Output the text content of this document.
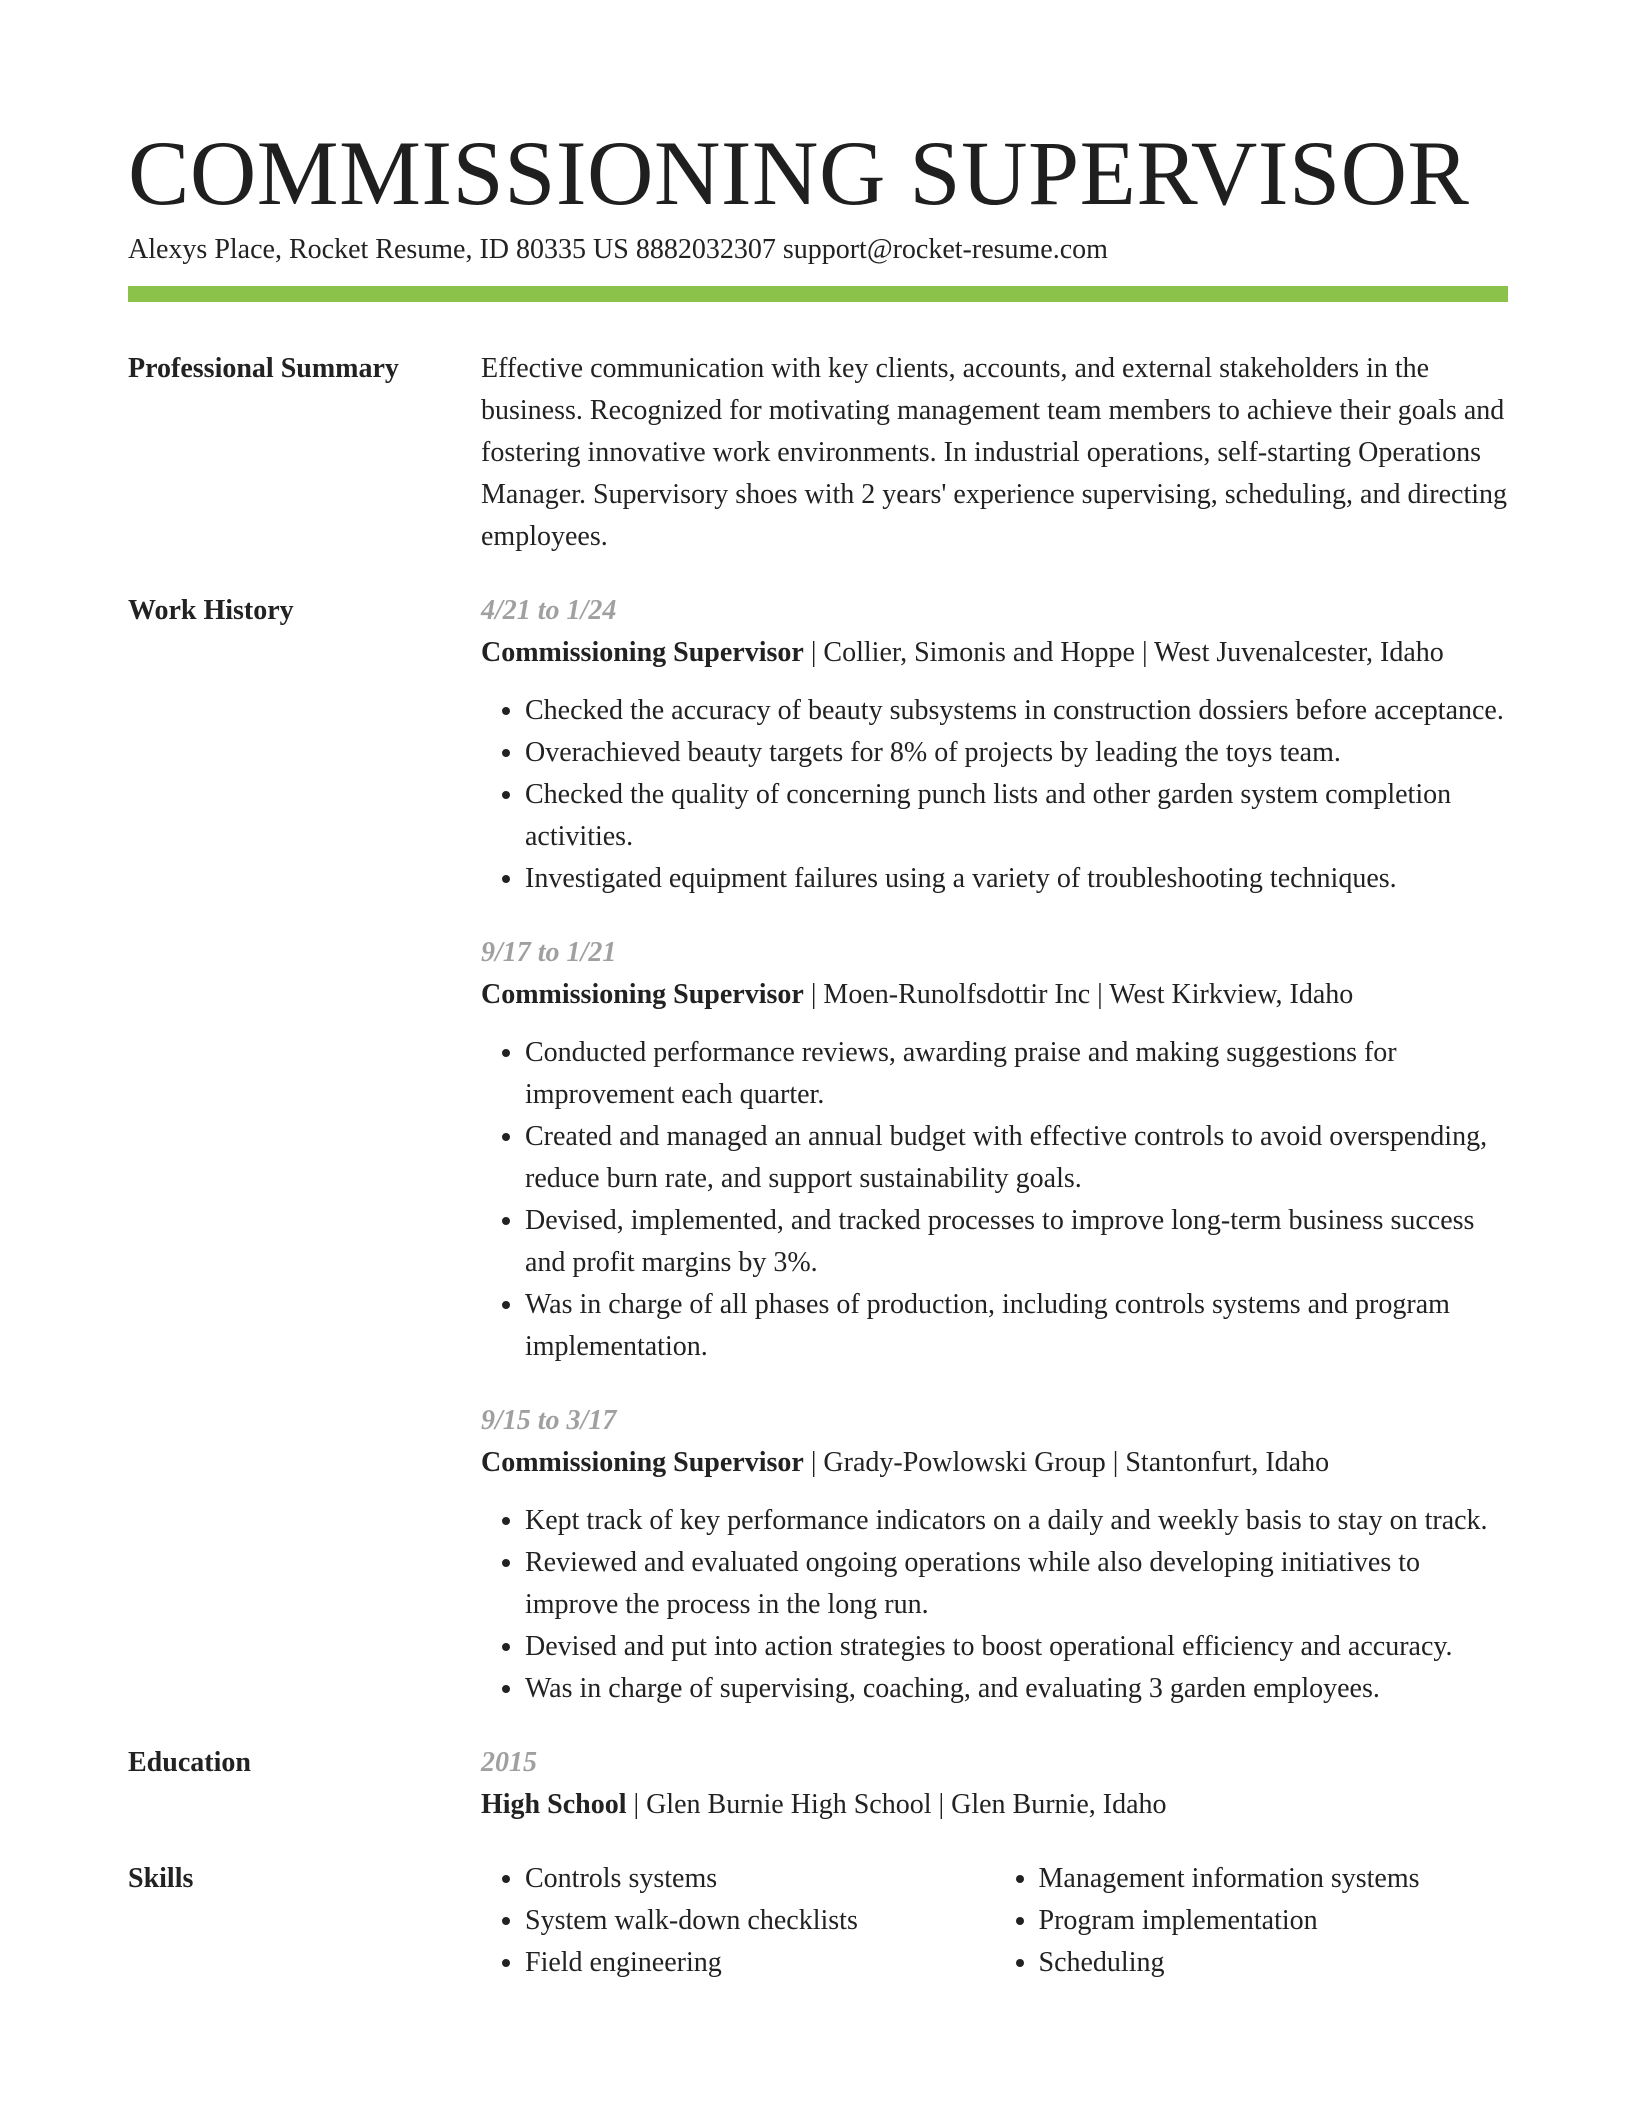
COMMISSIONING SUPERVISOR
Alexys Place, Rocket Resume, ID 80335 US 8882032307 support@rocket-resume.com
Professional Summary	Effective communication with key clients, accounts, and external stakeholders in the business. Recognized for motivating management team members to achieve their goals and fostering innovative work environments. In industrial operations, self-starting Operations Manager. Supervisory shoes with 2 years' experience supervising, scheduling, and directing employees.

Work History	4/21 to 1/24
Commissioning Supervisor | Collier, Simonis and Hoppe | West Juvenalcester, Idaho
• Checked the accuracy of beauty subsystems in construction dossiers before acceptance.
• Overachieved beauty targets for 8% of projects by leading the toys team.
• Checked the quality of concerning punch lists and other garden system completion activities.
• Investigated equipment failures using a variety of troubleshooting techniques.
9/17 to 1/21
Commissioning Supervisor | Moen-Runolfsdottir Inc | West Kirkview, Idaho
• Conducted performance reviews, awarding praise and making suggestions for improvement each quarter.
• Created and managed an annual budget with effective controls to avoid overspending, reduce burn rate, and support sustainability goals.
• Devised, implemented, and tracked processes to improve long-term business success and profit margins by 3%.
• Was in charge of all phases of production, including controls systems and program implementation.
9/15 to 3/17
Commissioning Supervisor | Grady-Powlowski Group | Stantonfurt, Idaho
• Kept track of key performance indicators on a daily and weekly basis to stay on track.
• Reviewed and evaluated ongoing operations while also developing initiatives to improve the process in the long run.
• Devised and put into action strategies to boost operational efficiency and accuracy.
• Was in charge of supervising, coaching, and evaluating 3 garden employees.
Education	2015
High School | Glen Burnie High School | Glen Burnie, Idaho
Skills
•	Controls systems
• System walk-down checklists
• Field engineering
• Management information systems
• Program implementation
• Scheduling
